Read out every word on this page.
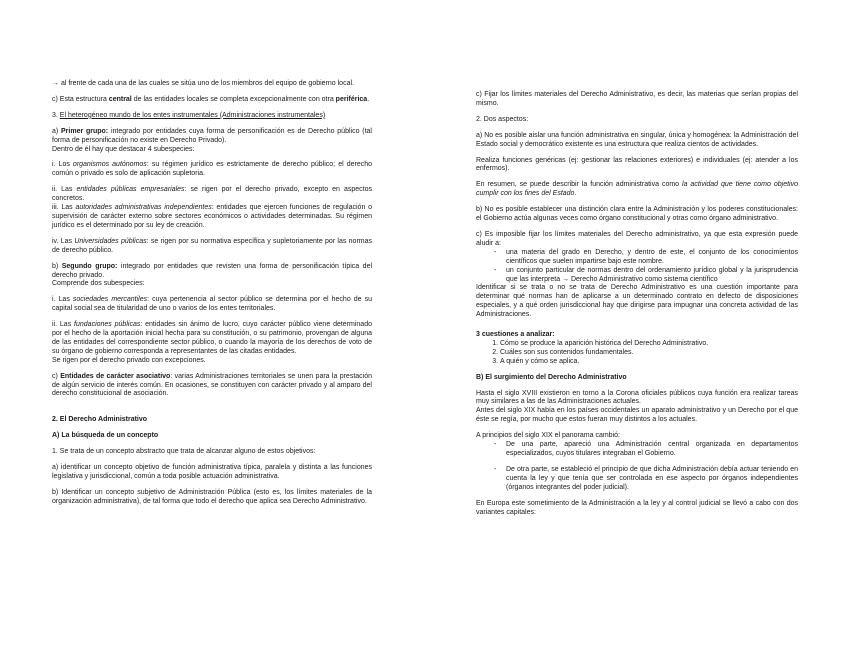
→ al frente de cada una de las cuales se sitúa uno de los miembros del equipo de gobierno local.

c) Esta estructura central de las entidades locales se completa excepcionalmente con otra periférica.

3. El heterogéneo mundo de los entes instrumentales (Administraciones instrumentales)

a) Primer grupo: integrado por entidades cuya forma de personificación es de Derecho público (tal forma de personificación no existe en Derecho Privado).
Dentro de él hay que destacar 4 subespecies:

i. Los organismos autónomos: su régimen jurídico es estrictamente de derecho público; el derecho común o privado es solo de aplicación supletoria.

ii. Las entidades públicas empresariales: se rigen por el derecho privado, excepto en aspectos concretos.
iii. Las autoridades administrativas independientes: entidades que ejercen funciones de regulación o supervisión de carácter externo sobre sectores económicos o actividades determinadas. Su régimen jurídico es el determinado por su ley de creación.

iv. Las Universidades públicas: se rigen por su normativa específica y supletoriamente por las normas de derecho público.

b) Segundo grupo: integrado por entidades que revisten una forma de personificación típica del derecho privado.
Comprende dos subespecies:

i. Las sociedades mercantiles: cuya pertenencia al sector público se determina por el hecho de su capital social sea de titularidad de uno o varios de los entes territoriales.

ii. Las fundaciones públicas: entidades sin ánimo de lucro, cuyo carácter público viene determinado por el hecho de la aportación inicial hecha para su constitución, o su patrimonio, provengan de alguna de las entidades del correspondiente sector público, o cuando la mayoría de los derechos de voto de su órgano de gobierno corresponda a representantes de las citadas entidades.
Se rigen por el derecho privado con excepciones.

c) Entidades de carácter asociativo: varias Administraciones territoriales se unen para la prestación de algún servicio de interés común. En ocasiones, se constituyen con carácter privado y al amparo del derecho constitucional de asociación.

2. El Derecho Administrativo

A) La búsqueda de un concepto

1. Se trata de un concepto abstracto que trata de alcanzar alguno de estos objetivos:

a) identificar un concepto objetivo de función administrativa típica, paralela y distinta a las funciones legislativa y jurisdiccional, común a toda posible actuación administrativa.

b) Identificar un concepto subjetivo de Administración Pública (esto es, los límites materiales de la organización administrativa), de tal forma que todo el derecho que aplica sea Derecho Administrativo.

c) Fijar los límites materiales del Derecho Administrativo, es decir, las materias que serían propias del mismo.

2. Dos aspectos:

a) No es posible aislar una función administrativa en singular, única y homogénea: la Administración del Estado social y democrático existente es una estructura que realiza cientos de actividades.

Realiza funciones genéricas (ej: gestionar las relaciones exteriores) e individuales (ej: atender a los enfermos).

En resumen, se puede describir la función administrativa como la actividad que tiene como objetivo cumplir con los fines del Estado.

b) No es posible establecer una distinción clara entre la Administración y los poderes constitucionales: el Gobierno actúa algunas veces como órgano constitucional y otras como órgano administrativo.

c) Es imposible fijar los límites materiales del Derecho administrativo, ya que esta expresión puede aludir a:

- una materia del grado en Derecho, y dentro de este, el conjunto de los conocimientos científicos que suelen impartirse bajo este nombre.
- un conjunto particular de normas dentro del ordenamiento jurídico global y la jurisprudencia que las interpreta → Derecho Administrativo como sistema científico

Identificar si se trata o no se trata de Derecho Administrativo es una cuestión importante para determinar qué normas han de aplicarse a un determinado contrato en defecto de disposiciones especiales, y a qué orden jurisdiccional hay que dirigirse para impugnar una concreta actividad de las Administraciones.

3 cuestiones a analizar:

1. Cómo se produce la aparición histórica del Derecho Administrativo.
2. Cuáles son sus contenidos fundamentales.
3. A quién y cómo se aplica.

B) El surgimiento del Derecho Administrativo

Hasta el siglo XVIII existieron en torno a la Corona oficiales públicos cuya función era realizar tareas muy similares a las de las Administraciones actuales.
Antes del siglo XIX había en los países occidentales un aparato administrativo y un Derecho por el que éste se regía, por mucho que estos fueran muy distintos a los actuales.

A principios del siglo XIX el panorama cambió:

- De una parte, apareció una Administración central organizada en departamentos especializados, cuyos titulares integraban el Gobierno.
- De otra parte, se estableció el principio de que dicha Administración debía actuar teniendo en cuenta la ley y que tenía que ser controlada en ese aspecto por órganos independientes (órganos integrantes del poder judicial).

En Europa este sometimiento de la Administración a la ley y al control judicial se llevó a cabo con dos variantes capitales:
